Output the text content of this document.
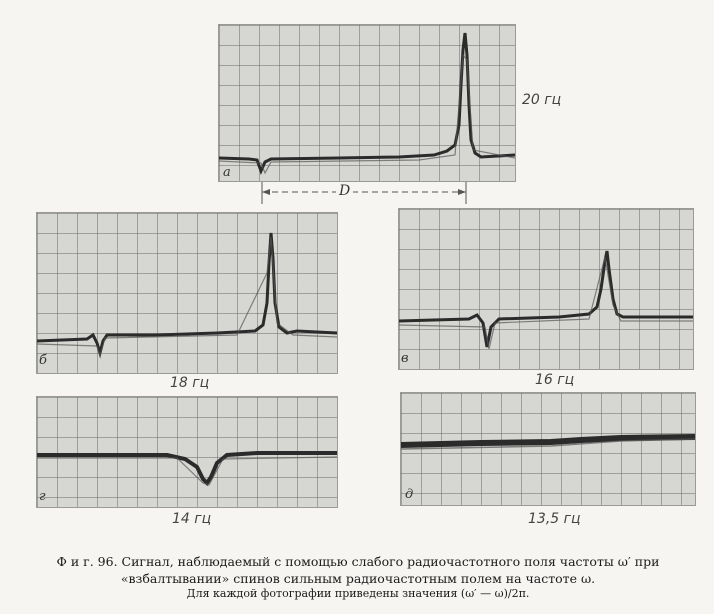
а
20 гц
D
б
18 гц
в
16 гц
г
14 гц
д
13,5 гц
Ф и г. 96. Сигнал, наблюдаемый с помощью слабого радиочастотного поля частоты ω′ при «взбалтывании» спинов сильным радиочастотным полем на частоте ω.
Для каждой фотографии приведены значения (ω′ — ω)/2π.
